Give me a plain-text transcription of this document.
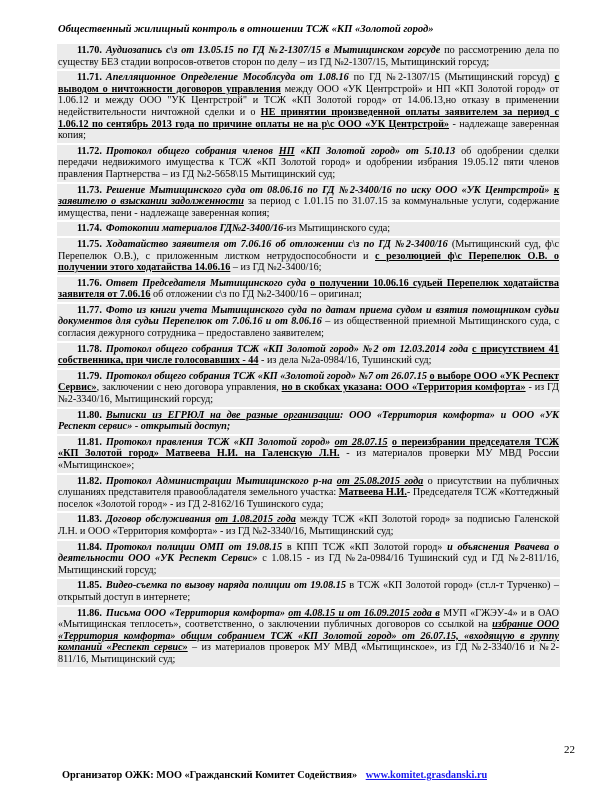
Общественный жилищный контроль в отношении ТСЖ «КП «Золотой город»
11.70. Аудиозапись с\з от 13.05.15 по ГД №2-1307/15 в Мытищинском горсуде по рассмотрению дела по существу БЕЗ стадии вопросов-ответов сторон по делу – из ГД №2-1307/15, Мытищинский горсуд;
11.71. Апелляционное Определение Мособлсуда от 1.08.16 по ГД №2-1307/15 (Мытищинский горсуд) с выводом о ничтожности договоров управления между ООО «УК Центрстрой» и НП «КП Золотой город» от 1.06.12 и между ООО "УК Центрстрой" и ТСЖ «КП Золотой город» от 14.06.13,но отказу в применении недействительности ничтожной сделки и о НЕ принятии произведенной оплаты заявителем за период с 1.06.12 по сентябрь 2013 года по причине оплаты не на р\с ООО «УК Центрстрой» - надлежаще заверенная копия;
11.72. Протокол общего собрания членов НП «КП Золотой город» от 5.10.13 об одобрении сделки передачи недвижимого имущества к ТСЖ «КП Золотой город» и одобрении избрания 19.05.12 пяти членов правления Партнерства – из ГД №2-5658\15 Мытищинский суд;
11.73. Решение Мытищинского суда от 08.06.16 по ГД №2-3400/16 по иску ООО «УК Центрстрой» к заявителю о взыскании задолженности за период с 1.01.15 по 31.07.15 за коммунальные услуги, содержание имущества, пени - надлежаще заверенная копия;
11.74. Фотокопии материалов ГД№2-3400/16-из Мытищинского суда;
11.75. Ходатайство заявителя от 7.06.16 об отложении с\з по ГД №2-3400/16 (Мытищинский суд, ф\с Перепелюк О.В.), с приложенным листком нетрудоспособности и с резолюцией ф\с Перепелюк О.В. о получении этого ходатайства 14.06.16 – из ГД №2-3400/16;
11.76. Ответ Председателя Мытищинского суда о получении 10.06.16 судьей Перепелюк ходатайства заявителя от 7.06.16 об отложении с\з по ГД №2-3400/16 – оригинал;
11.77. Фото из книги учета Мытищинского суда по датам приема судом и взятия помощником судьи документов для судьи Перепелюк от 7.06.16 и от 8.06.16 – из общественной приемной Мытищинского суда, с согласия дежурного сотрудника – предоставлено заявителем;
11.78. Протокол общего собрания ТСЖ «КП Золотой город» №2 от 12.03.2014 года с присутствием 41 собственника, при числе голосовавших - 44 - из дела №2а-0984/16, Тушинский суд;
11.79. Протокол общего собрания ТСЖ «КП «Золотой город» №7 от 26.07.15 о выборе ООО «УК Респект Сервис», заключении с нею договора управления, но в скобках указана: ООО «Территория комфорта» - из ГД №2-3340/16, Мытищинский горсуд;
11.80. Выписки из ЕГРЮЛ на две разные организации: ООО «Территория комфорта» и ООО «УК Респект сервис» - открытый доступ;
11.81. Протокол правления ТСЖ «КП Золотой город» от 28.07.15 о переизбрании председателя ТСЖ «КП Золотой город» Матвеева Н.И. на Галенскую Л.Н. - из материалов проверки МУ МВД России «Мытищинское»;
11.82. Протокол Администрации Мытищинского р-на от 25.08.2015 года о присутствии на публичных слушаниях представителя правообладателя земельного участка: Матвеева Н.И.- Председателя ТСЖ «Коттеджный поселок «Золотой город» - из ГД 2-8162/16 Тушинского суда;
11.83. Договор обслуживания от 1.08.2015 года между ТСЖ «КП Золотой город» за подписью Галенской Л.Н. и ООО «Территория комфорта» - из ГД №2-3340/16, Мытищинский суд;
11.84. Протокол полиции ОМП от 19.08.15 в КПП ТСЖ «КП Золотой город» и объяснения Рвачева о деятельности ООО «УК Респект Сервис» с 1.08.15 - из ГД №2а-0984/16 Тушинский суд и ГД №2-811/16, Мытищинский горсуд;
11.85. Видео-съемка по вызову наряда полиции от 19.08.15 в ТСЖ «КП Золотой город» (ст.л-т Турченко) – открытый доступ в интернете;
11.86. Письма ООО «Территория комфорта» от 4.08.15 и от 16.09.2015 года в МУП «ГЖЭУ-4» и в ОАО «Мытищинская теплосеть», соответственно, о заключении публичных договоров со ссылкой на избрание ООО «Территория комфорта» общим собранием ТСЖ «КП Золотой город» от 26.07.15, «входящую в группу компаний «Респект сервис» – из материалов проверок МУ МВД «Мытищинское», из ГД №2-3340/16 и №2-811/16, Мытищинский суд;
22
Организатор ОЖК: МОО «Гражданский Комитет Содействия» www.komitet.grasdanski.ru
